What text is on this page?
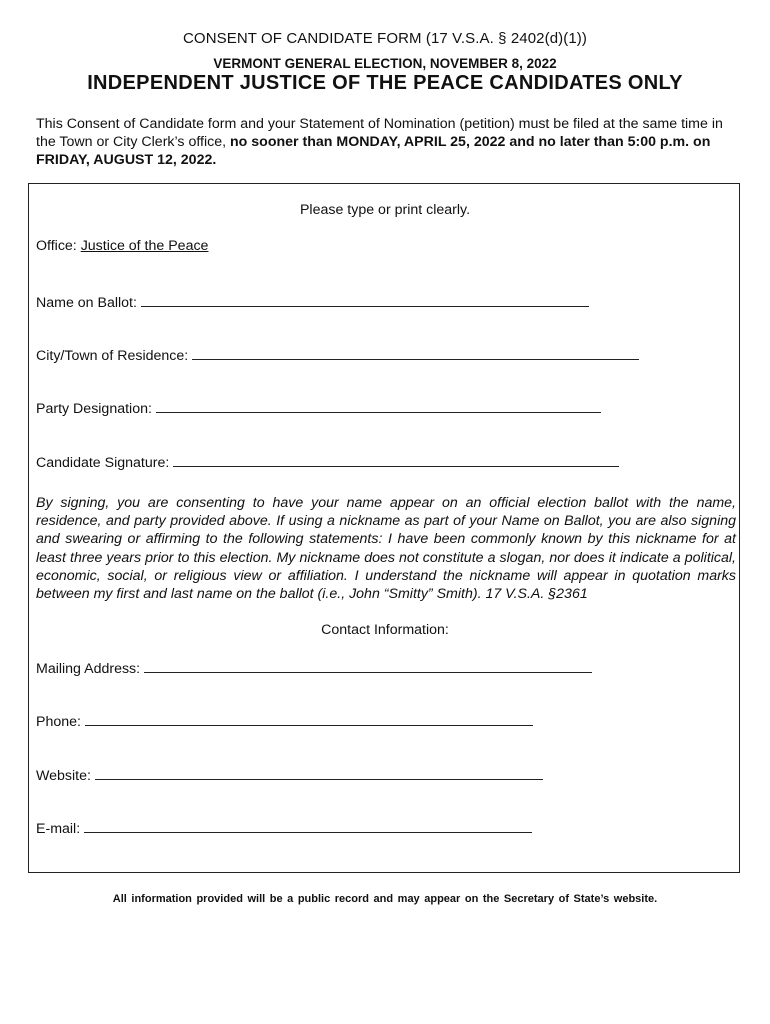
CONSENT OF CANDIDATE FORM (17 V.S.A. § 2402(d)(1))
VERMONT GENERAL ELECTION, NOVEMBER 8, 2022
INDEPENDENT JUSTICE OF THE PEACE CANDIDATES ONLY
This Consent of Candidate form and your Statement of Nomination (petition) must be filed at the same time in the Town or City Clerk’s office, no sooner than MONDAY, APRIL 25, 2022 and no later than 5:00 p.m. on FRIDAY, AUGUST 12, 2022.
Please type or print clearly.
Office: Justice of the Peace
Name on Ballot:
City/Town of Residence:
Party Designation:
Candidate Signature:
By signing, you are consenting to have your name appear on an official election ballot with the name, residence, and party provided above. If using a nickname as part of your Name on Ballot, you are also signing and swearing or affirming to the following statements: I have been commonly known by this nickname for at least three years prior to this election. My nickname does not constitute a slogan, nor does it indicate a political, economic, social, or religious view or affiliation. I understand the nickname will appear in quotation marks between my first and last name on the ballot (i.e., John “Smitty” Smith). 17 V.S.A. §2361
Contact Information:
Mailing Address:
Phone:
Website:
E-mail:
All information provided will be a public record and may appear on the Secretary of State’s website.
